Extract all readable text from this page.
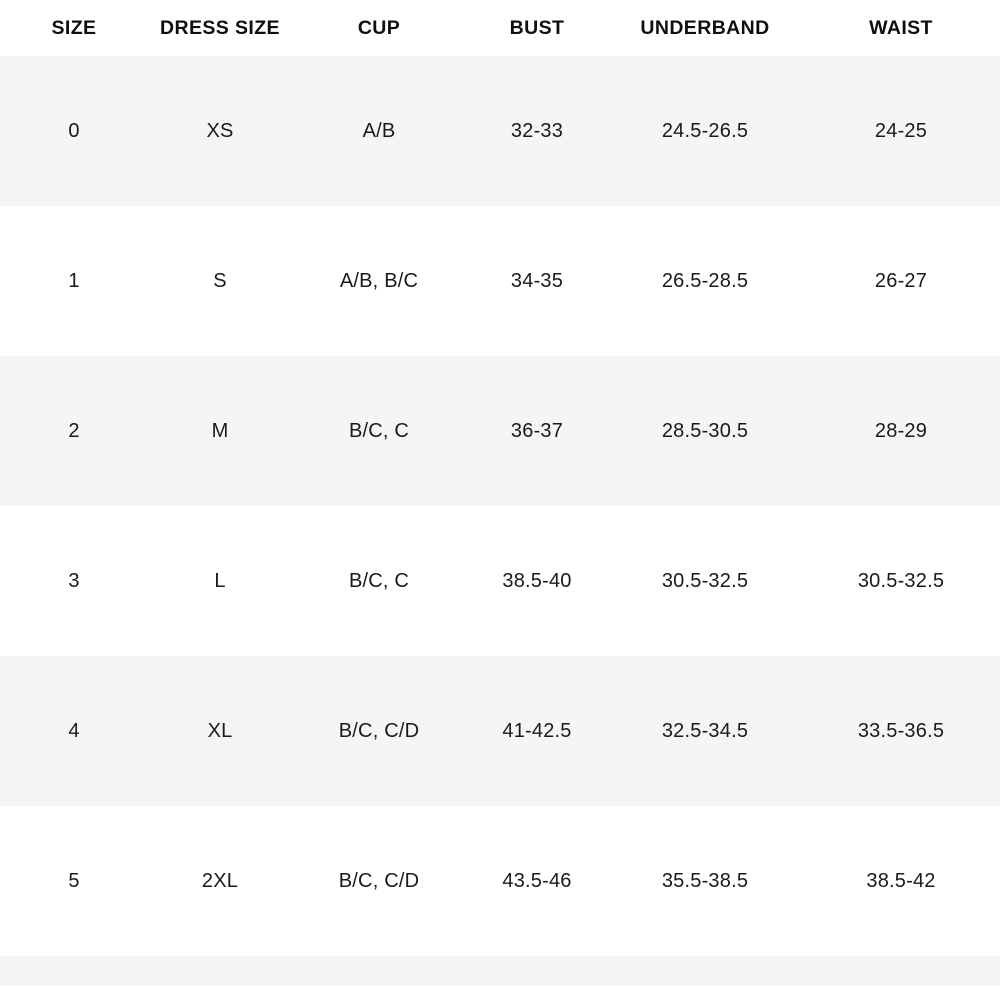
SIZE	DRESS SIZE	CUP	BUST	UNDERBAND	WAIST
0	XS	A/B	32-33	24.5-26.5	24-25
1	S	A/B, B/C	34-35	26.5-28.5	26-27
2	M	B/C, C	36-37	28.5-30.5	28-29
3	L	B/C, C	38.5-40	30.5-32.5	30.5-32.5
4	XL	B/C, C/D	41-42.5	32.5-34.5	33.5-36.5
5	2XL	B/C, C/D	43.5-46	35.5-38.5	38.5-42
